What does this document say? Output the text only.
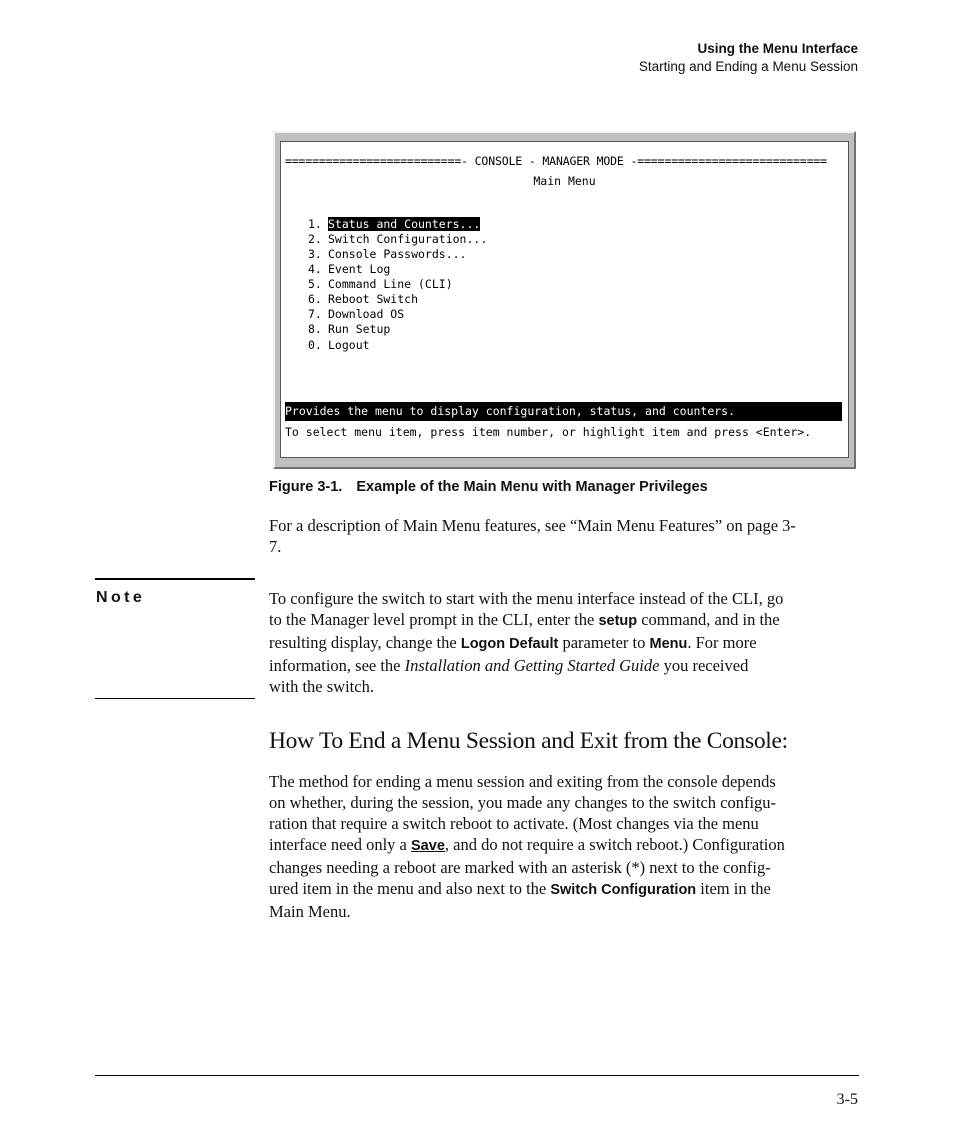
Using the Menu Interface
Starting and Ending a Menu Session
==========================- CONSOLE - MANAGER MODE -============================
Main Menu
1. Status and Counters...
2. Switch Configuration...
3. Console Passwords...
4. Event Log
5. Command Line (CLI)
6. Reboot Switch
7. Download OS
8. Run Setup
0. Logout
Provides the menu to display configuration, status, and counters.
To select menu item, press item number, or highlight item and press <Enter>.
Figure 3-1. Example of the Main Menu with Manager Privileges
For a description of Main Menu features, see “Main Menu Features” on page 3-
7.
Note	To configure the switch to start with the menu interface instead of the CLI, go
to the Manager level prompt in the CLI, enter the setup command, and in the
resulting display, change the Logon Default parameter to Menu. For more
information, see the Installation and Getting Started Guide you received
with the switch.
How To End a Menu Session and Exit from the Console:
The method for ending a menu session and exiting from the console depends
on whether, during the session, you made any changes to the switch configu-
ration that require a switch reboot to activate. (Most changes via the menu
interface need only a Save, and do not require a switch reboot.) Configuration
changes needing a reboot are marked with an asterisk (*) next to the config-
ured item in the menu and also next to the Switch Configuration item in the
Main Menu.
3-5
